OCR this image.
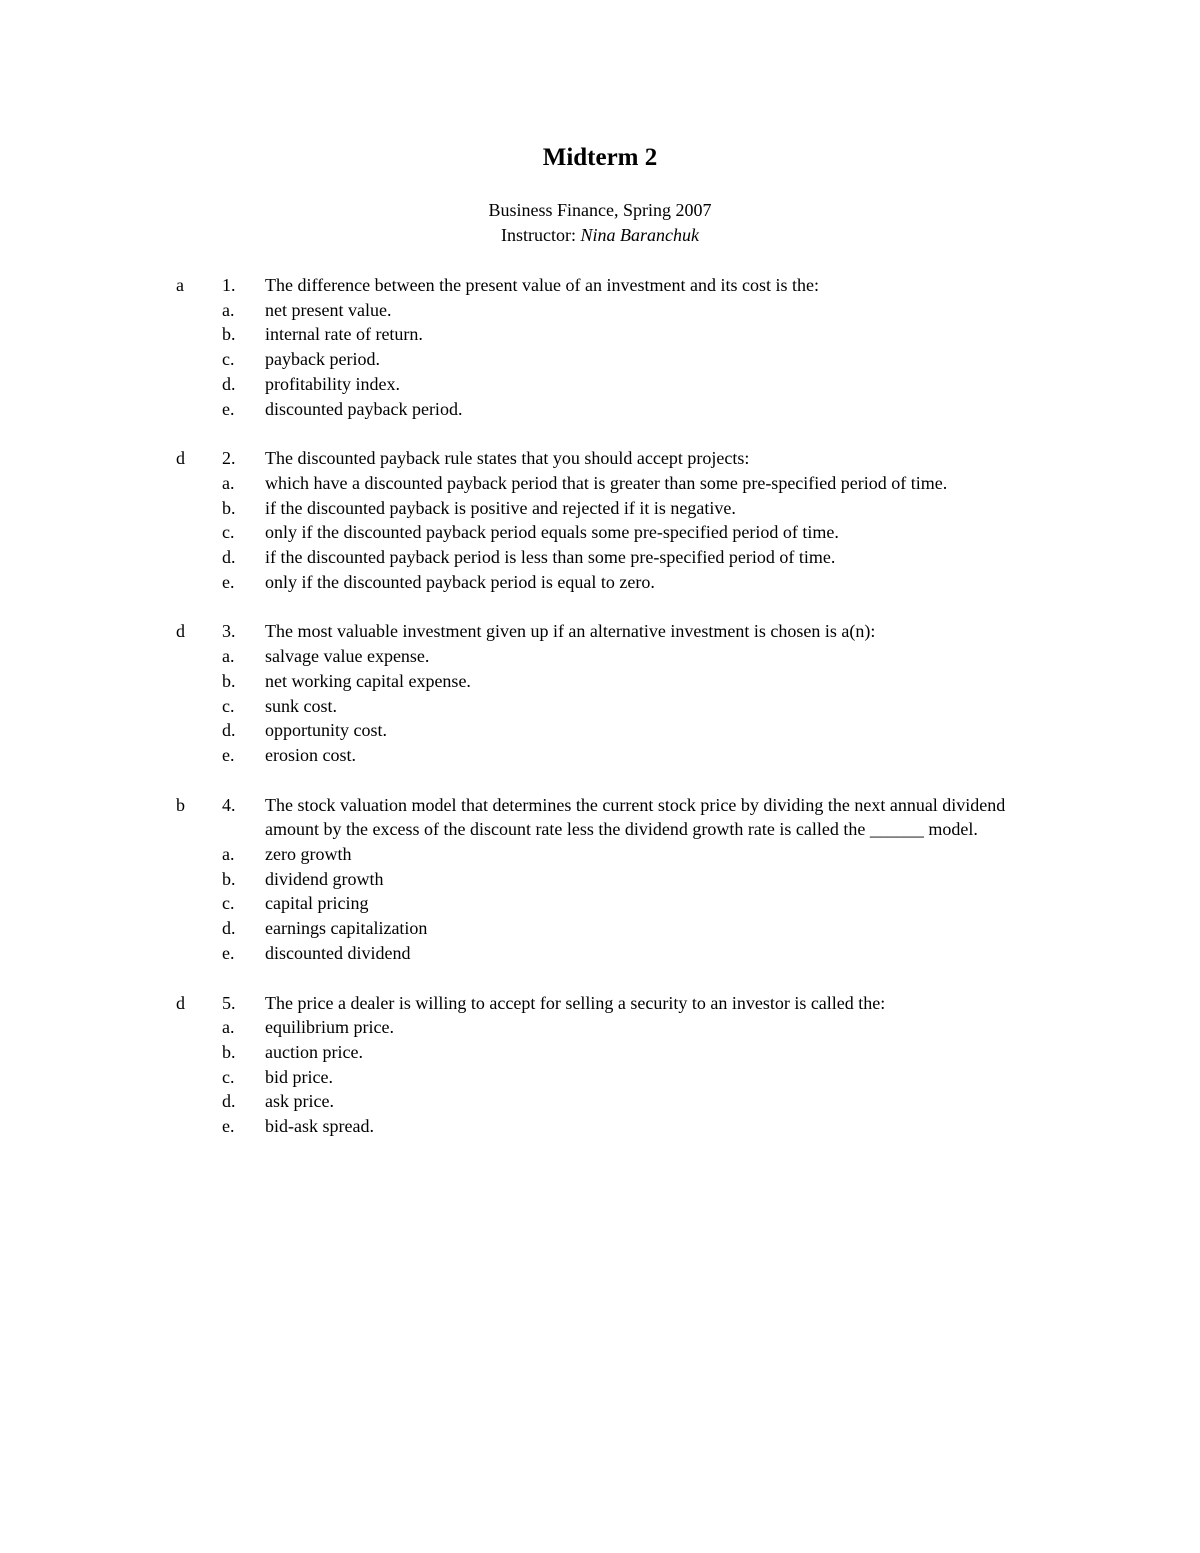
Midterm 2
Business Finance, Spring 2007
Instructor: Nina Baranchuk
a 1. The difference between the present value of an investment and its cost is the:
a. net present value.
b. internal rate of return.
c. payback period.
d. profitability index.
e. discounted payback period.
d 2. The discounted payback rule states that you should accept projects:
a. which have a discounted payback period that is greater than some pre-specified period of time.
b. if the discounted payback is positive and rejected if it is negative.
c. only if the discounted payback period equals some pre-specified period of time.
d. if the discounted payback period is less than some pre-specified period of time.
e. only if the discounted payback period is equal to zero.
d 3. The most valuable investment given up if an alternative investment is chosen is a(n):
a. salvage value expense.
b. net working capital expense.
c. sunk cost.
d. opportunity cost.
e. erosion cost.
b 4. The stock valuation model that determines the current stock price by dividing the next annual dividend amount by the excess of the discount rate less the dividend growth rate is called the ______ model.
a. zero growth
b. dividend growth
c. capital pricing
d. earnings capitalization
e. discounted dividend
d 5. The price a dealer is willing to accept for selling a security to an investor is called the:
a. equilibrium price.
b. auction price.
c. bid price.
d. ask price.
e. bid-ask spread.
